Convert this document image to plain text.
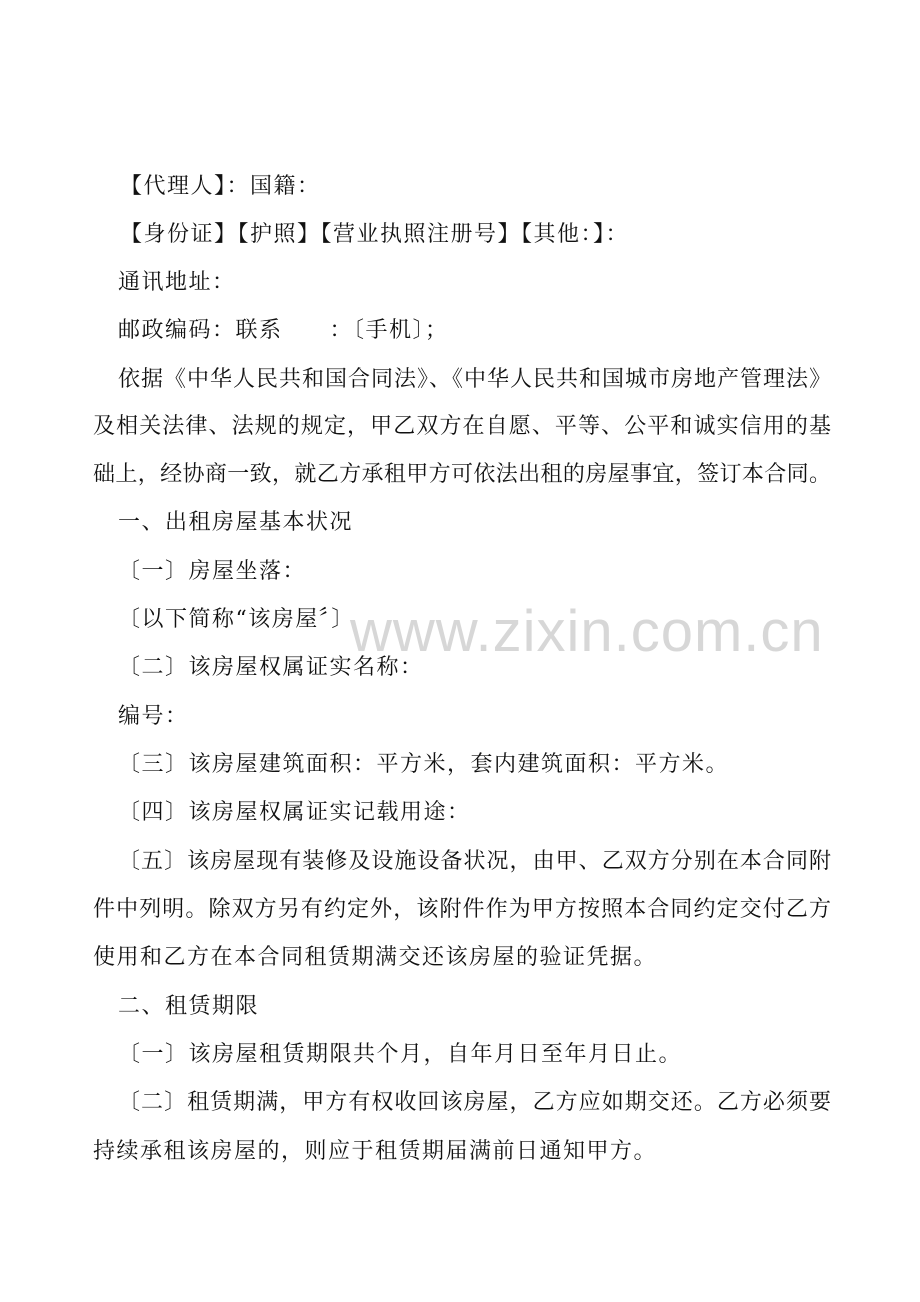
www.zixin.com.cn
【代理人】：国籍：
【身份证】【护照】【营业执照注册号】【其他：】：
通讯地址：
邮政编码：联系　　：〔手机〕；
依据《中华人民共和国合同法》、《中华人民共和国城市房地产管理法》
及相关法律、法规的规定，甲乙双方在自愿、平等、公平和诚实信用的基
础上，经协商一致，就乙方承租甲方可依法出租的房屋事宜，签订本合同。
一、出租房屋基本状况
〔一〕房屋坐落：
〔以下简称“该房屋〞〕
〔二〕该房屋权属证实名称：
编号：
〔三〕该房屋建筑面积：平方米，套内建筑面积：平方米。
〔四〕该房屋权属证实记载用途：
〔五〕该房屋现有装修及设施设备状况，由甲、乙双方分别在本合同附
件中列明。除双方另有约定外，该附件作为甲方按照本合同约定交付乙方
使用和乙方在本合同租赁期满交还该房屋的验证凭据。
二、租赁期限
〔一〕该房屋租赁期限共个月，自年月日至年月日止。
〔二〕租赁期满，甲方有权收回该房屋，乙方应如期交还。乙方必须要
持续承租该房屋的，则应于租赁期届满前日通知甲方。
